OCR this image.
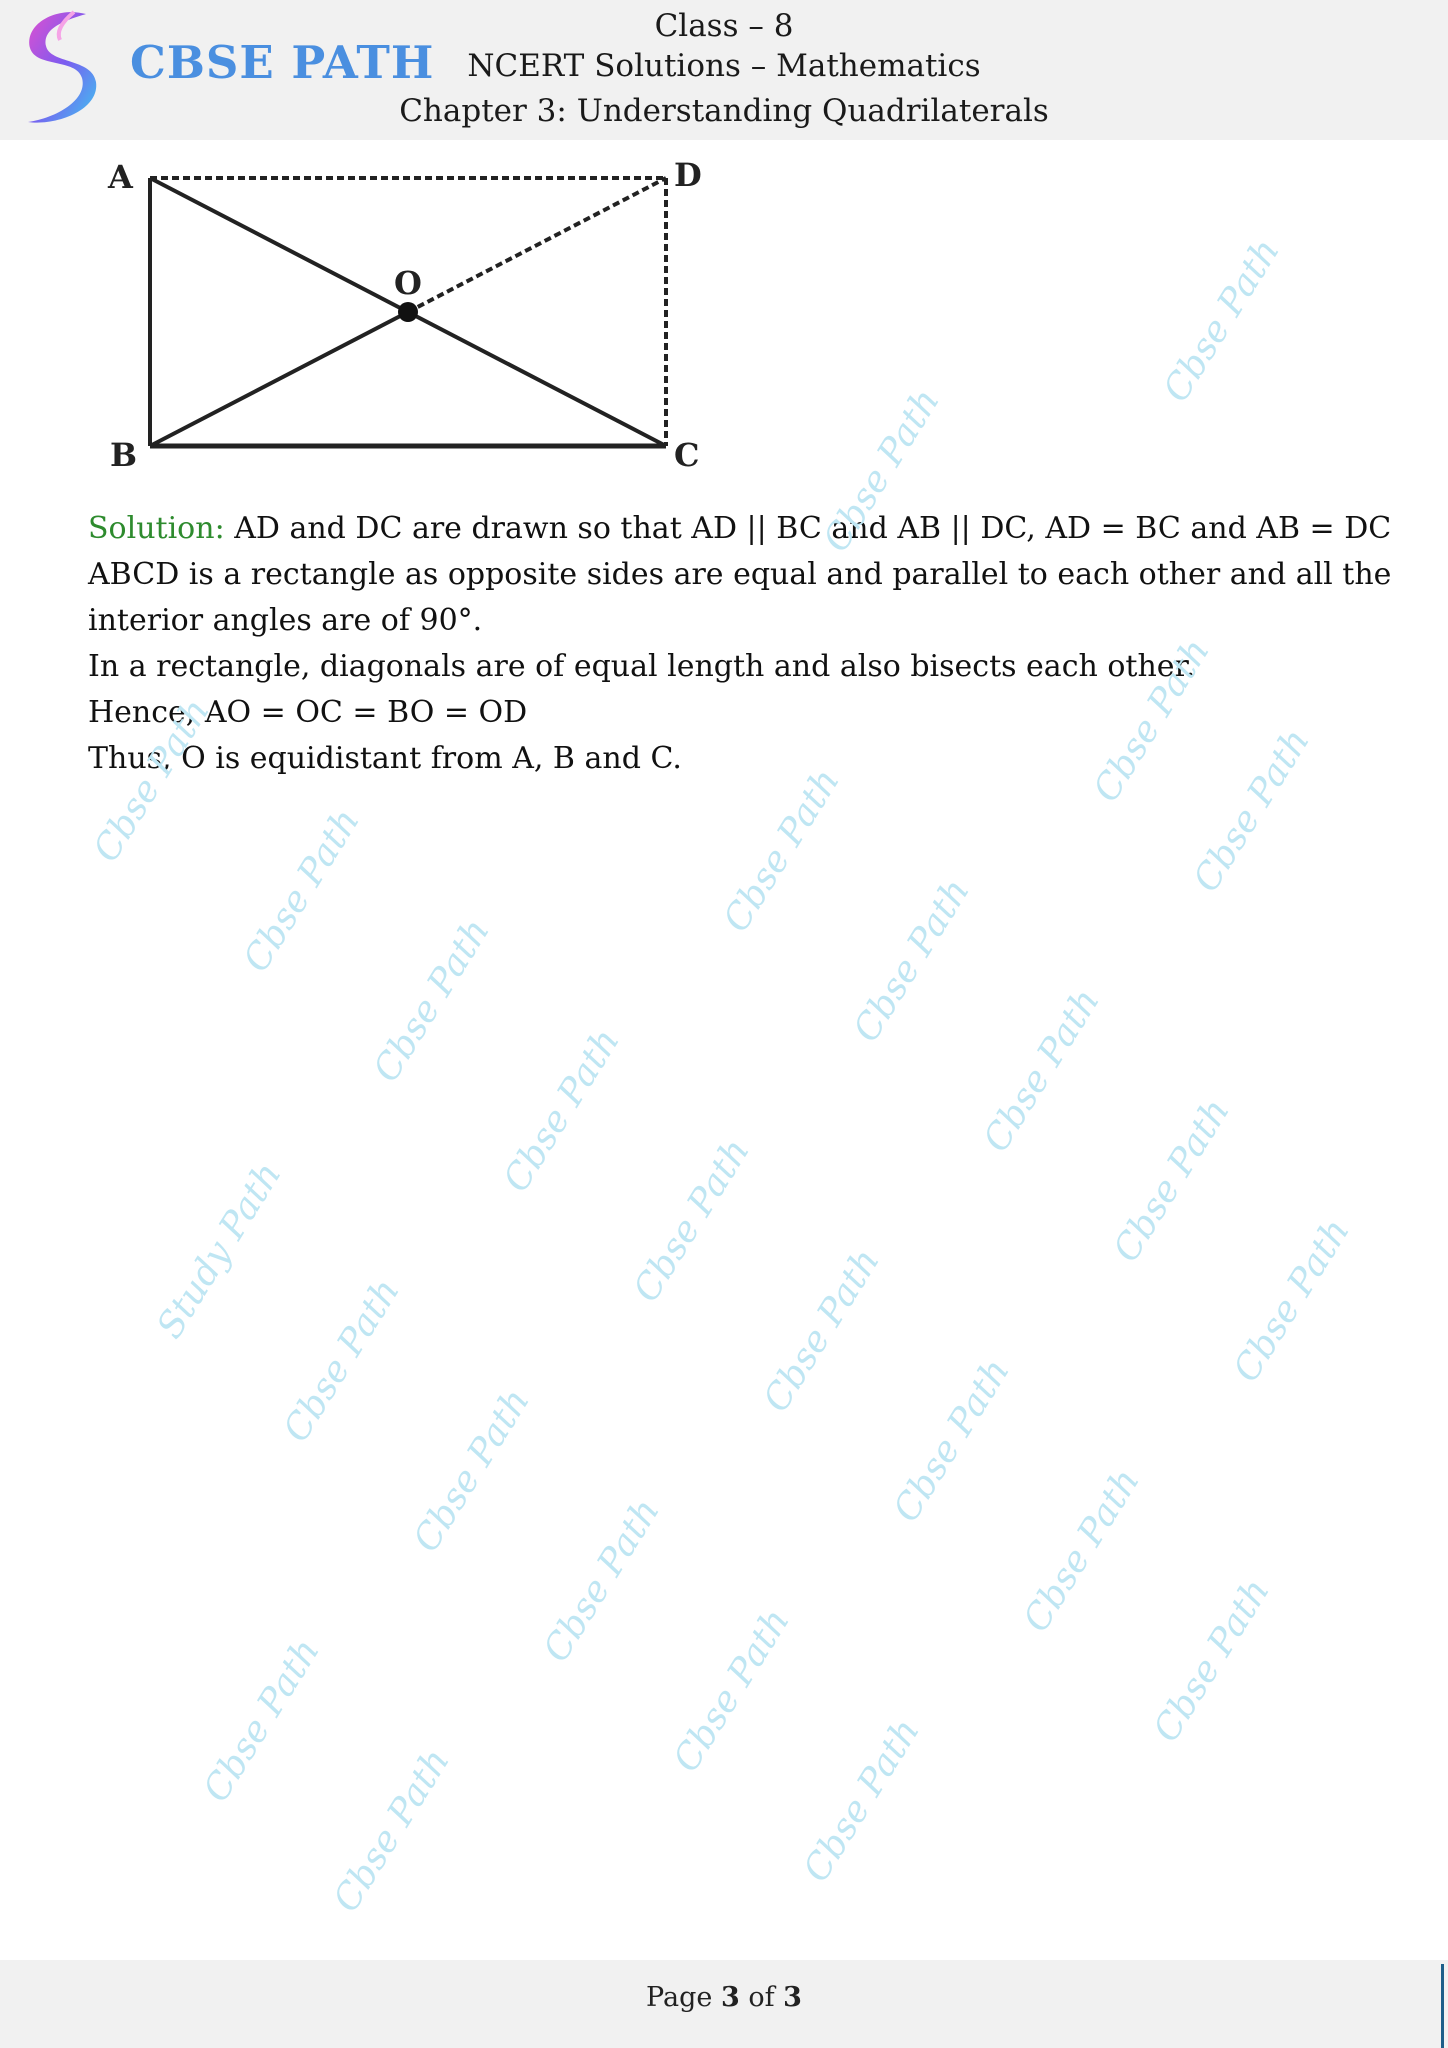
CBSE PATH
Class – 8
NCERT Solutions – Mathematics
Chapter 3: Understanding Quadrilaterals
A
B	C
D
O

Solution: AD and DC are drawn so that AD || BC and AB || DC, AD = BC and AB = DC

ABCD is a rectangle as opposite sides are equal and parallel to each other and all the

interior angles are of 90°.

In a rectangle, diagonals are of equal length and also bisects each other.

Hence, AO = OC = BO = OD

Thus, O is equidistant from A, B and C.

Cbse Path
Cbse Path
Cbse Path
Cbse Path
Cbse Path
Cbse Path	Cbse Path
Cbse Path	Cbse Path
Cbse Path	Cbse Path
Study Path	Cbse Path	Cbse Path
Cbse Path	Cbse Path	Cbse Path
Cbse Path	Cbse Path
Cbse Path	Cbse Path
Cbse Path	Cbse Path	Cbse Path
Cbse Path	Cbse Path
Page 3 of 3
